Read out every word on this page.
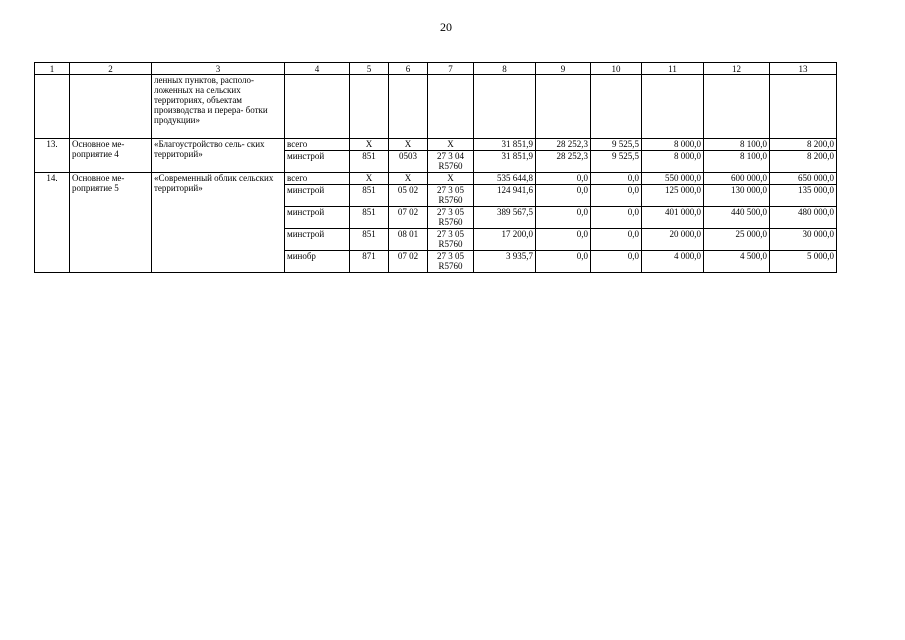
20
1	2	3	4	5	6	7	8	9	10	11	12	13
		ленных пунктов, располо- ложенных на сельских территориях, объектам производства и перера- ботки продукции»										
13.	Основное ме- роприятие 4	«Благоустройство сель- ских территорий»	всего	Х	Х	Х	31 851,9	28 252,3	9 525,5	8 000,0	8 100,0	8 200,0
			минстрой	851	0503	27 3 04 R5760	31 851,9	28 252,3	9 525,5	8 000,0	8 100,0	8 200,0
14.	Основное ме- роприятие 5	«Современный облик сельских территорий»	всего	Х	Х	Х	535 644,8	0,0	0,0	550 000,0	600 000,0	650 000,0
			минстрой	851	05 02	27 3 05 R5760	124 941,6	0,0	0,0	125 000,0	130 000,0	135 000,0
			минстрой	851	07 02	27 3 05 R5760	389 567,5	0,0	0,0	401 000,0	440 500,0	480 000,0
			минстрой	851	08 01	27 3 05 R5760	17 200,0	0,0	0,0	20 000,0	25 000,0	30 000,0
			минобр	871	07 02	27 3 05 R5760	3 935,7	0,0	0,0	4 000,0	4 500,0	5 000,0
